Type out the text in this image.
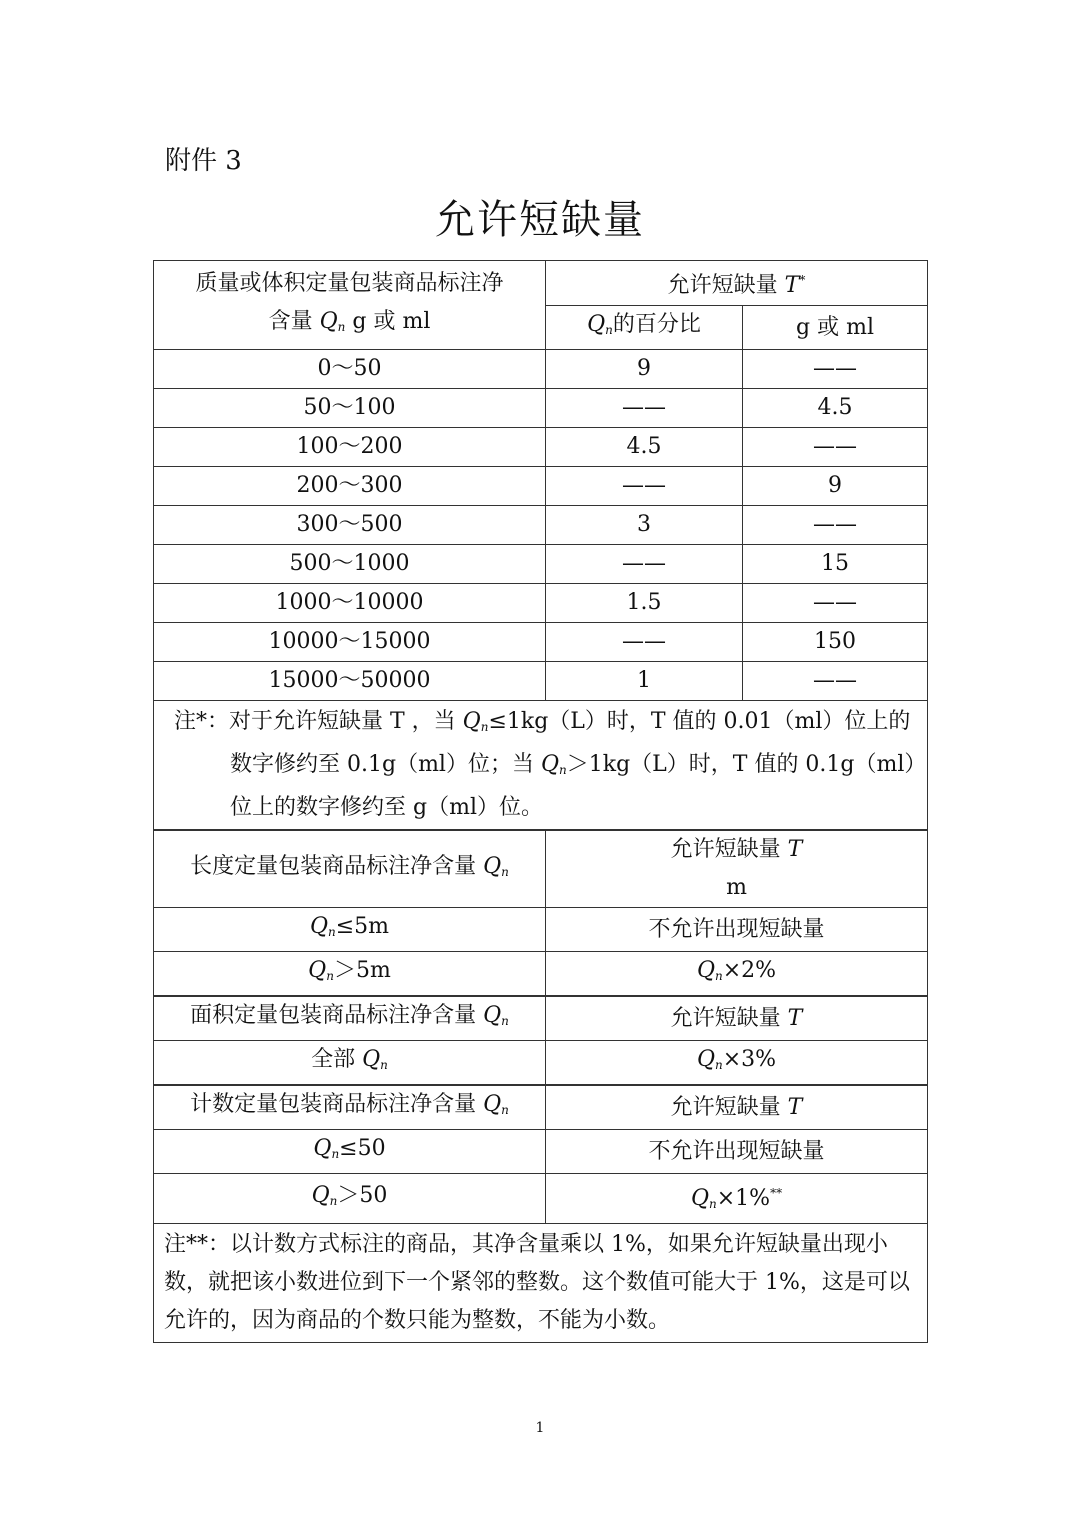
附件 3
允许短缺量
质量或体积定量包装商品标注净
含量 $Q_n$ g 或 ml	允许短缺量 T*
	$Q_n$的百分比	g 或 ml
0～50	9	——
50～100	——	4.5
100～200	4.5	——
200～300	——	9
300～500	3	——
500～1000	——	15
1000～10000	1.5	——
10000～15000	——	150
15000～50000	1	——

注*：对于允许短缺量 T ，当 $Q_n\le 1kg(L)$时，T 值的 0.01（ml）位上的数字修约至 0.1g（ml）位；当 $Q_n>1kg(L)$时，T 值的 0.1g（ml）位上的数字修约至 g（ml）位。		

长度定量包装商品标注净含量 $Q_n$	允许短缺量 T
m	

$Q_n\le 5m$	不允许出现短缺量	
$Q_n>5m$	$Q_n\times 2\%$	
面积定量包装商品标注净含量 $Q_n$	允许短缺量 T	
全部 $Q_n$	$Q_n\times 3\%$	
计数定量包装商品标注净含量 $Q_n$	允许短缺量 T	
$Q_n\le 50$	不允许出现短缺量	
$Q_n>50$	$Q_n\times 1\%^{**}$
注**：以计数方式标注的商品，其净含量乘以 1%，如果允许短缺量出现小数，就把该小数进位到下一个紧邻的整数。这个数值可能大于 1%，这是可以允许的，因为商品的个数只能为整数，不能为小数。		
1
